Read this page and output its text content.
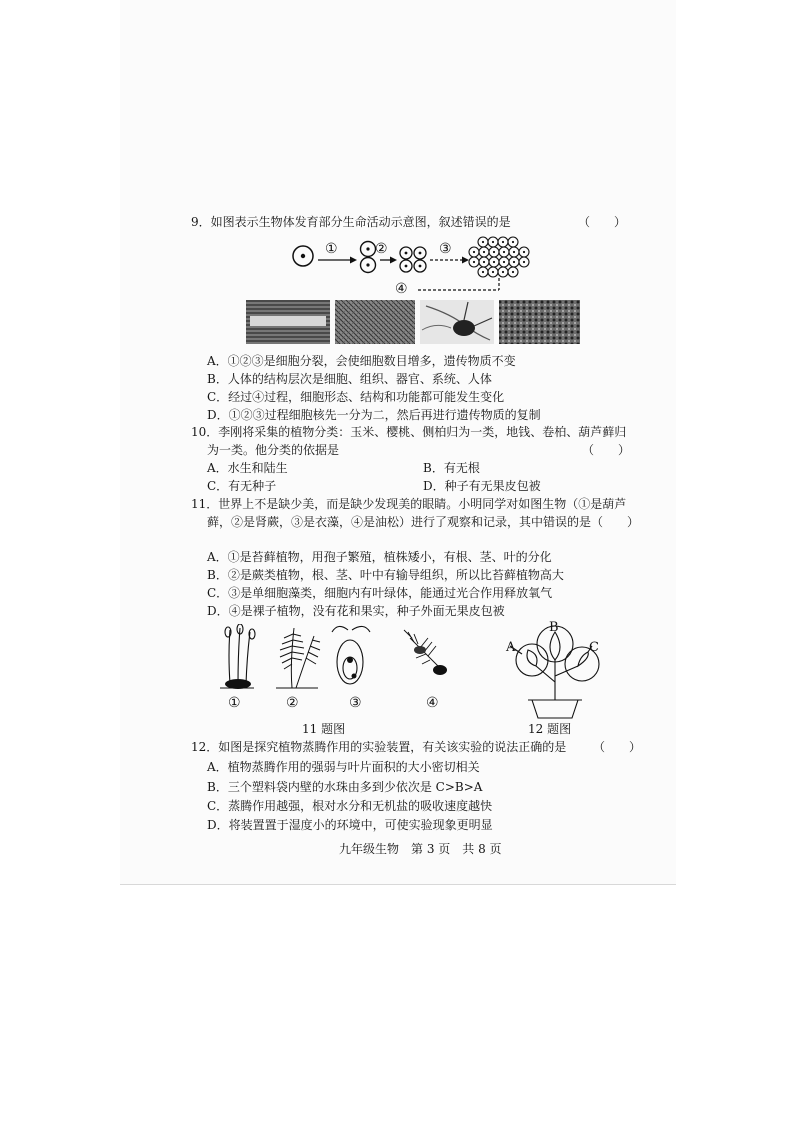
9．如图表示生物体发育部分生命活动示意图，叙述错误的是	（　　）
①	②	③
④
A．①②③是细胞分裂，会使细胞数目增多，遗传物质不变
B．人体的结构层次是细胞、组织、器官、系统、人体
C．经过④过程，细胞形态、结构和功能都可能发生变化
D．①②③过程细胞核先一分为二，然后再进行遗传物质的复制
10．李刚将采集的植物分类：玉米、樱桃、侧柏归为一类，地钱、卷柏、葫芦藓归
为一类。他分类的依据是	（　　）
A．水生和陆生	B．有无根
C．有无种子	D．种子有无果皮包被
11．世界上不是缺少美，而是缺少发现美的眼睛。小明同学对如图生物（①是葫芦
藓，②是肾蕨，③是衣藻，④是油松）进行了观察和记录，其中错误的是（　　）
A．①是苔藓植物，用孢子繁殖，植株矮小，有根、茎、叶的分化
B．②是蕨类植物，根、茎、叶中有输导组织，所以比苔藓植物高大
C．③是单细胞藻类，细胞内有叶绿体，能通过光合作用释放氧气
D．④是裸子植物，没有花和果实，种子外面无果皮包被
①	②	③	④
11 题图
A
B
C
12 题图
12．如图是探究植物蒸腾作用的实验装置，有关该实验的说法正确的是 （　　）
A．植物蒸腾作用的强弱与叶片面积的大小密切相关
B．三个塑料袋内壁的水珠由多到少依次是 C>B>A
C．蒸腾作用越强，根对水分和无机盐的吸收速度越快
D．将装置置于湿度小的环境中，可使实验现象更明显
九年级生物　第 3 页　共 8 页
